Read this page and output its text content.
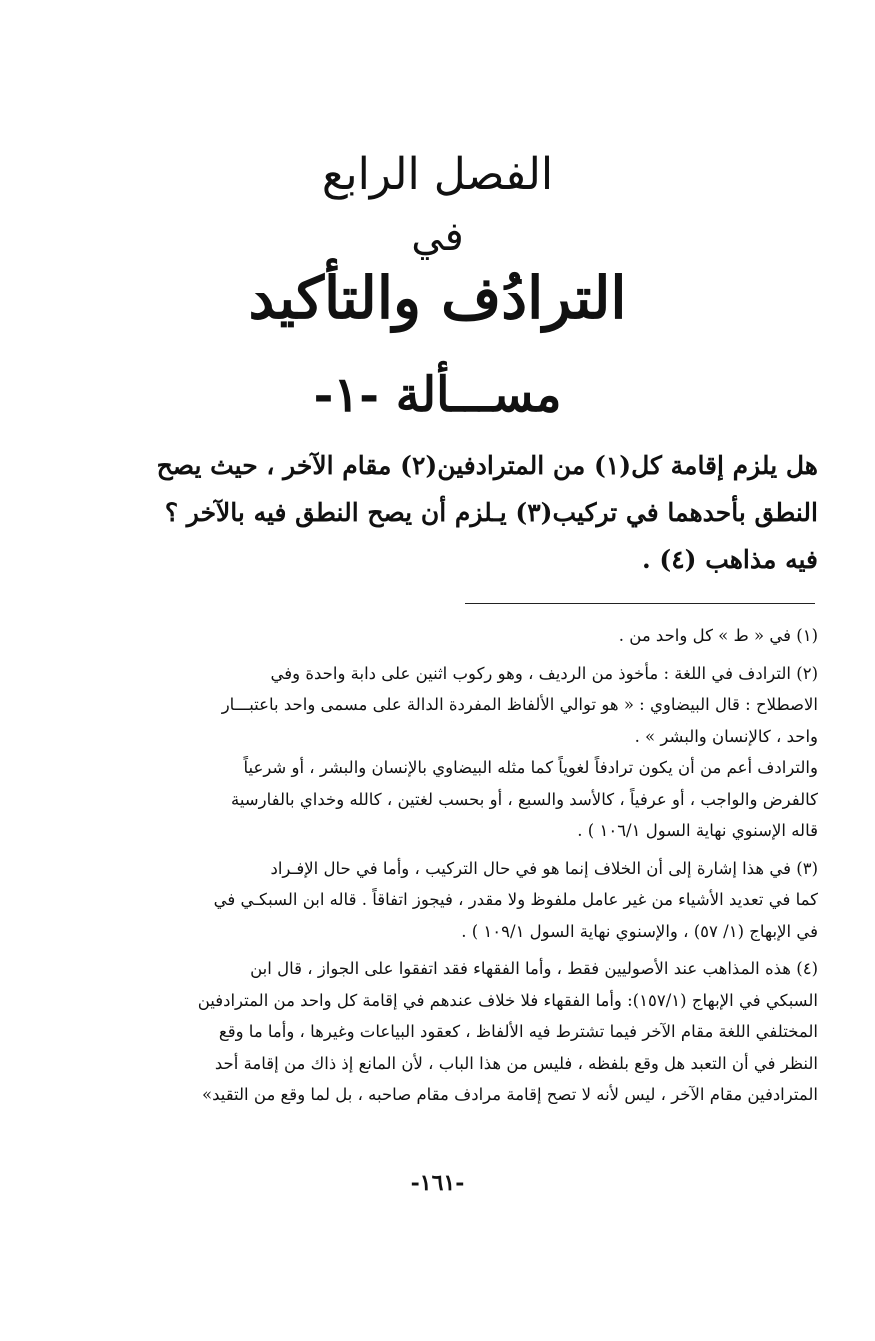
الفصل الرابع
في
الترادُف والتأكيد
مســـألة -١-

هل يلزم إقامة كل(١) من المترادفين(٢) مقام الآخر ، حيث يصح

النطق بأحدهما في تركيب(٣) يـلزم أن يصح النطق فيه بالآخر ؟

فيه مذاهب (٤) .

(١) في « ط » كل واحد من .

(٢) الترادف في اللغة : مأخوذ من الرديف ، وهو ركوب اثنين على دابة واحدة وفي

الاصطلاح : قال البيضاوي : « هو توالي الألفاظ المفردة الدالة على مسمى واحد باعتبـــار

واحد ، كالإنسان والبشر » .

والترادف أعم من أن يكون ترادفاً لغوياً كما مثله البيضاوي بالإنسان والبشر ، أو شرعياً

كالفرض والواجب ، أو عرفياً ، كالأسد والسبع ، أو بحسب لغتين ، كالله وخداي بالفارسية

قاله الإسنوي نهاية السول ١٠٦/١ ) .

(٣) في هذا إشارة إلى أن الخلاف إنما هو في حال التركيب ، وأما في حال الإفـراد

كما في تعديد الأشياء من غير عامل ملفوظ ولا مقدر ، فيجوز اتفاقاً . قاله ابن السبكـي في

في الإبهاج (١/ ٥٧) ، والإسنوي نهاية السول ١٠٩/١ ) .

(٤) هذه المذاهب عند الأصوليين فقط ، وأما الفقهاء فقد اتفقوا على الجواز ، قال ابن

السبكي في الإبهاج (١٥٧/١): وأما الفقهاء فلا خلاف عندهم في إقامة كل واحد من المترادفين

المختلفي اللغة مقام الآخر فيما تشترط فيه الألفاظ ، كعقود البياعات وغيرها ، وأما ما وقع

النظر في أن التعبد هل وقع بلفظه ، فليس من هذا الباب ، لأن المانع إذ ذاك من إقامة أحد

المترادفين مقام الآخر ، ليس لأنه لا تصح إقامة مرادف مقام صاحبه ، بل لما وقع من التقيد»

-١٦١-
